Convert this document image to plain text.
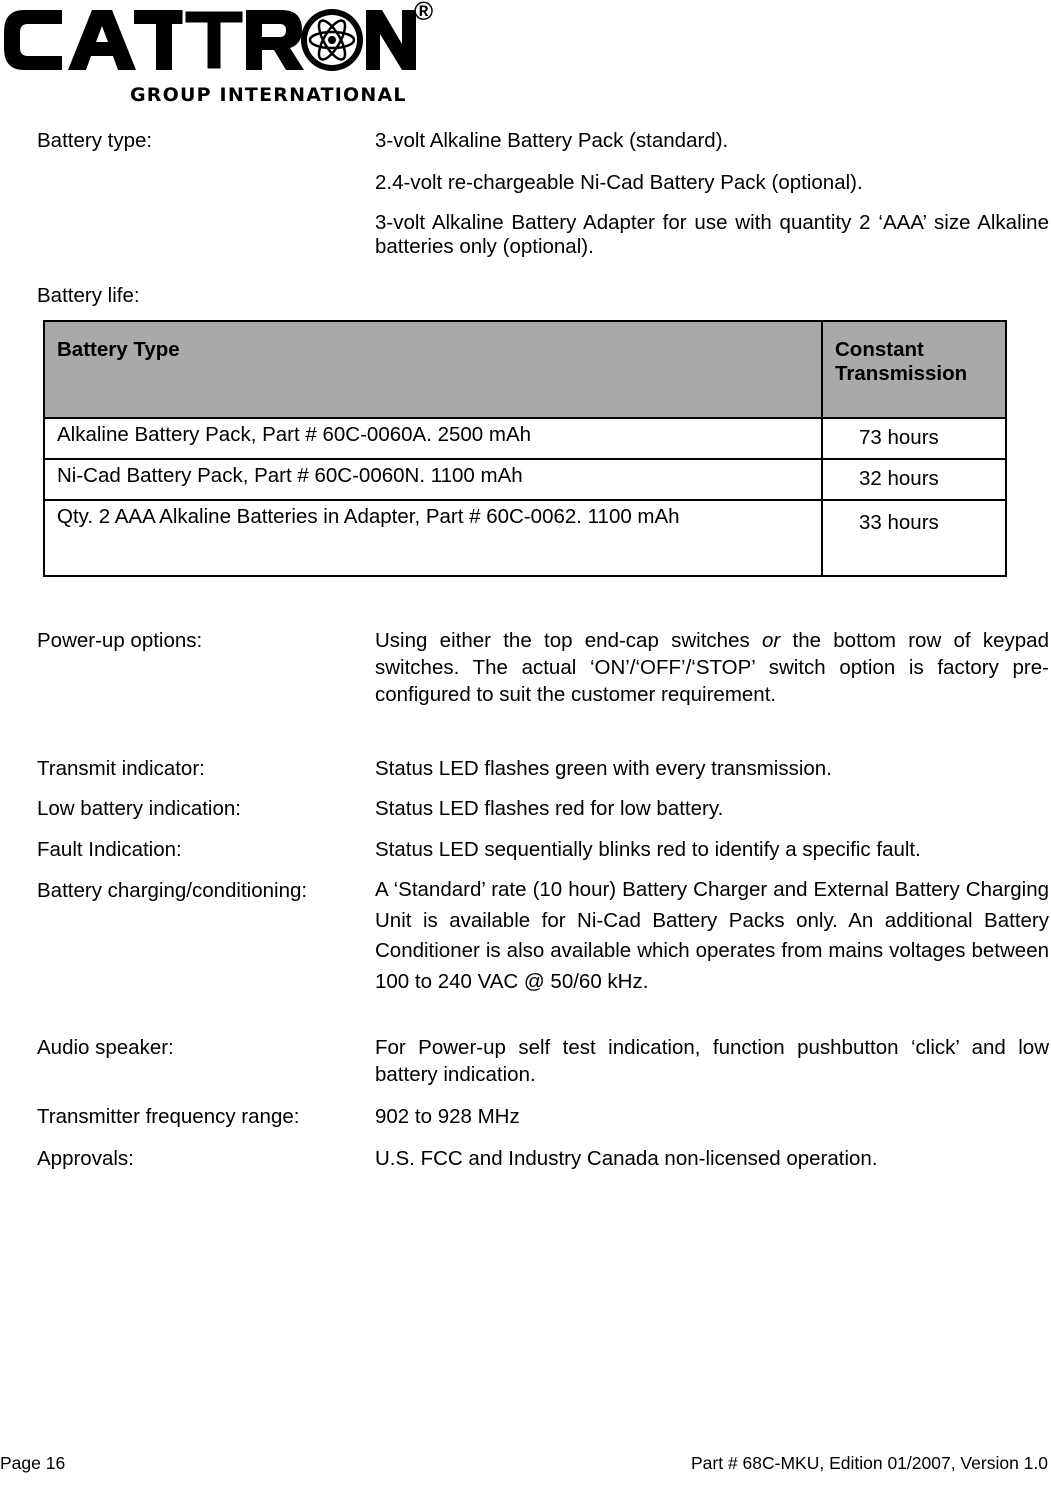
®
GROUP INTERNATIONAL
Battery type:	3-volt Alkaline Battery Pack (standard).

2.4-volt re-chargeable Ni-Cad Battery Pack (optional).

3-volt Alkaline Battery Adapter for use with quantity 2 ‘AAA’ size Alkaline batteries only (optional).

Battery life:
Battery Type	Constant Transmission
Alkaline Battery Pack, Part # 60C-0060A. 2500 mAh	73 hours
Ni-Cad Battery Pack, Part # 60C-0060N. 1100 mAh	32 hours
Qty. 2 AAA Alkaline Batteries in Adapter, Part # 60C-0062. 1100 mAh	33 hours
Power-up options:	Using either the top end-cap switches or the bottom row of keypad switches. The actual ‘ON’/‘OFF’/‘STOP’ switch option is factory pre-configured to suit the customer requirement.
Transmit indicator:	Status LED flashes green with every transmission.
Low battery indication:	Status LED flashes red for low battery.
Fault Indication:	Status LED sequentially blinks red to identify a specific fault.
Battery charging/conditioning:	A ‘Standard’ rate (10 hour) Battery Charger and External Battery Charging Unit is available for Ni-Cad Battery Packs only. An additional Battery Conditioner is also available which operates from mains voltages between 100 to 240 VAC @ 50/60 kHz.
Audio speaker:	For Power-up self test indication, function pushbutton ‘click’ and low battery indication.
Transmitter frequency range:	902 to 928 MHz
Approvals:	U.S. FCC and Industry Canada non-licensed operation.
Page 16	Part # 68C-MKU, Edition 01/2007, Version 1.0
